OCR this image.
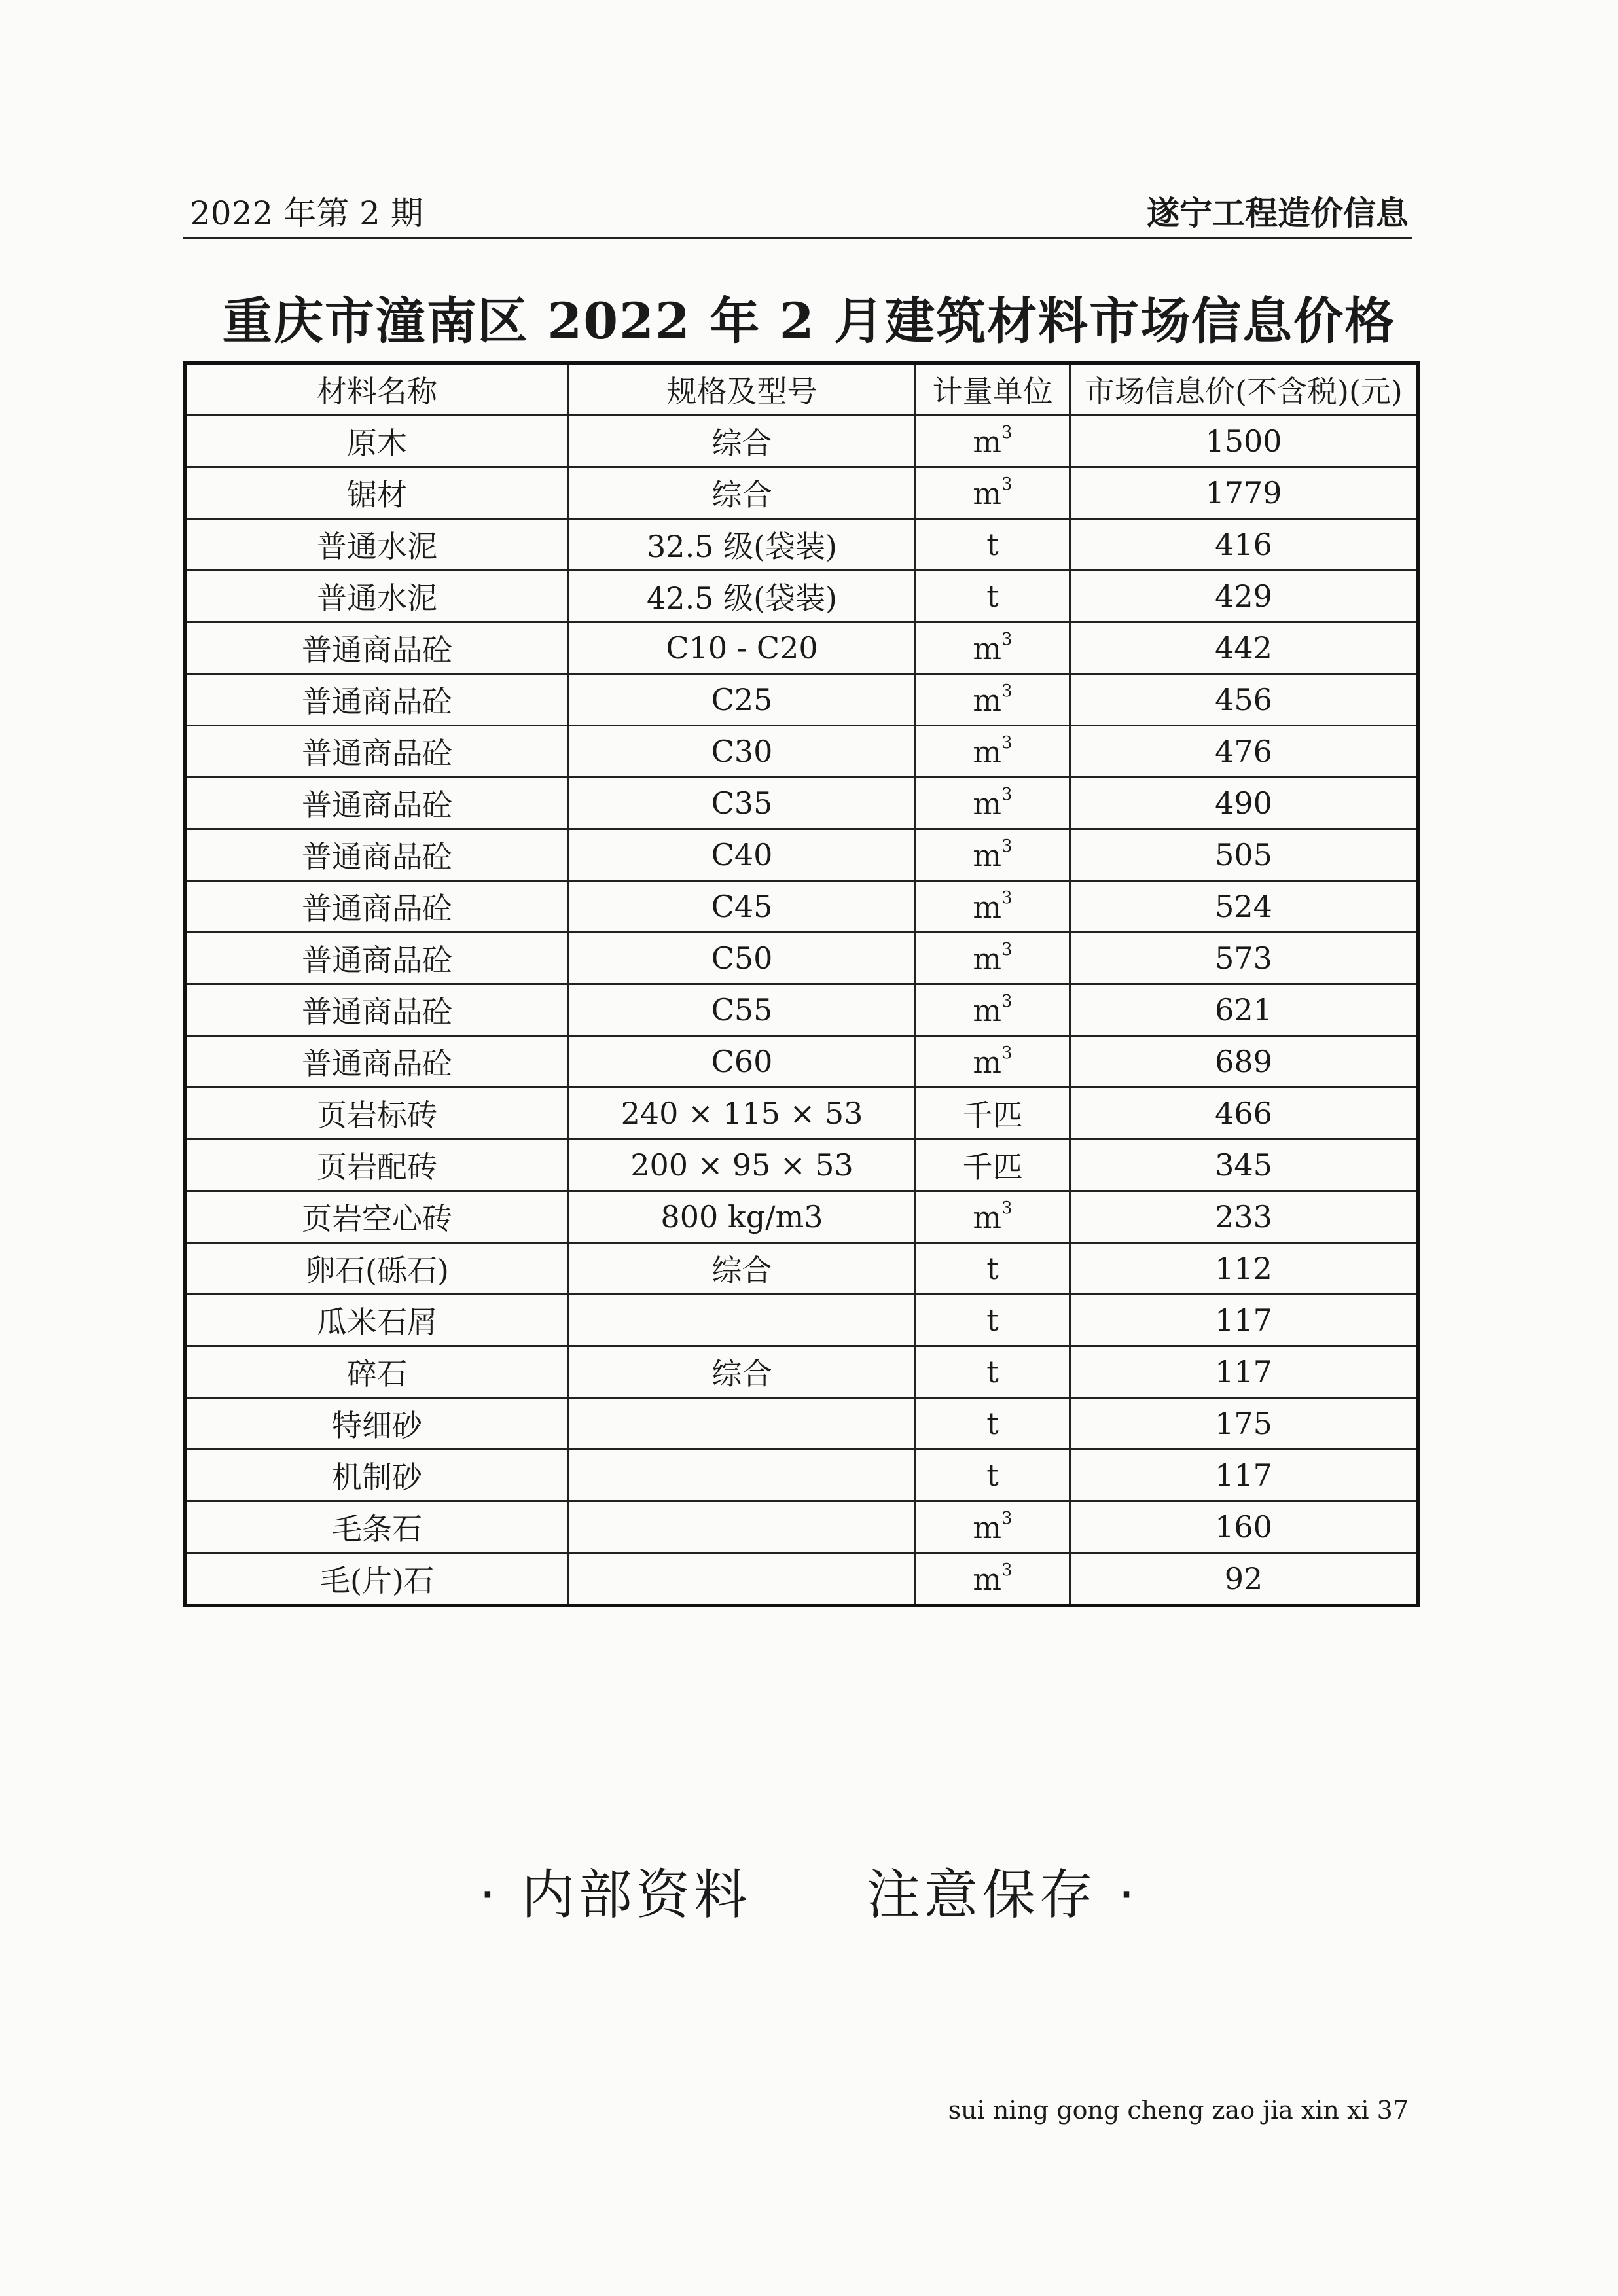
2022 年第 2 期	遂宁工程造价信息
重庆市潼南区 2022 年 2 月建筑材料市场信息价格
材料名称	规格及型号	计量单位	市场信息价(不含税)(元)
原木	综合	$m^3$	1500
锯材	综合	$m^3$	1779
普通水泥	32.5 级(袋装)	t	416
普通水泥	42.5 级(袋装)	t	429
普通商品砼	C10 - C20	$m^3$	442
普通商品砼	C25	$m^3$	456
普通商品砼	C30	$m^3$	476
普通商品砼	C35	$m^3$	490
普通商品砼	C40	$m^3$	505
普通商品砼	C45	$m^3$	524
普通商品砼	C50	$m^3$	573
普通商品砼	C55	$m^3$	621
普通商品砼	C60	$m^3$	689
页岩标砖	240 × 115 × 53	千匹	466
页岩配砖	200 × 95 × 53	千匹	345
页岩空心砖	800 kg/m3	$m^3$	233
卵石(砾石)	综合	t	112
瓜米石屑		t	117
碎石	综合	t	117
特细砂		t	175
机制砂		t	117
毛条石		$m^3$	160
毛(片)石		$m^3$	92
· 内部资料　　注意保存 ·
sui ning gong cheng zao jia xin xi 37
